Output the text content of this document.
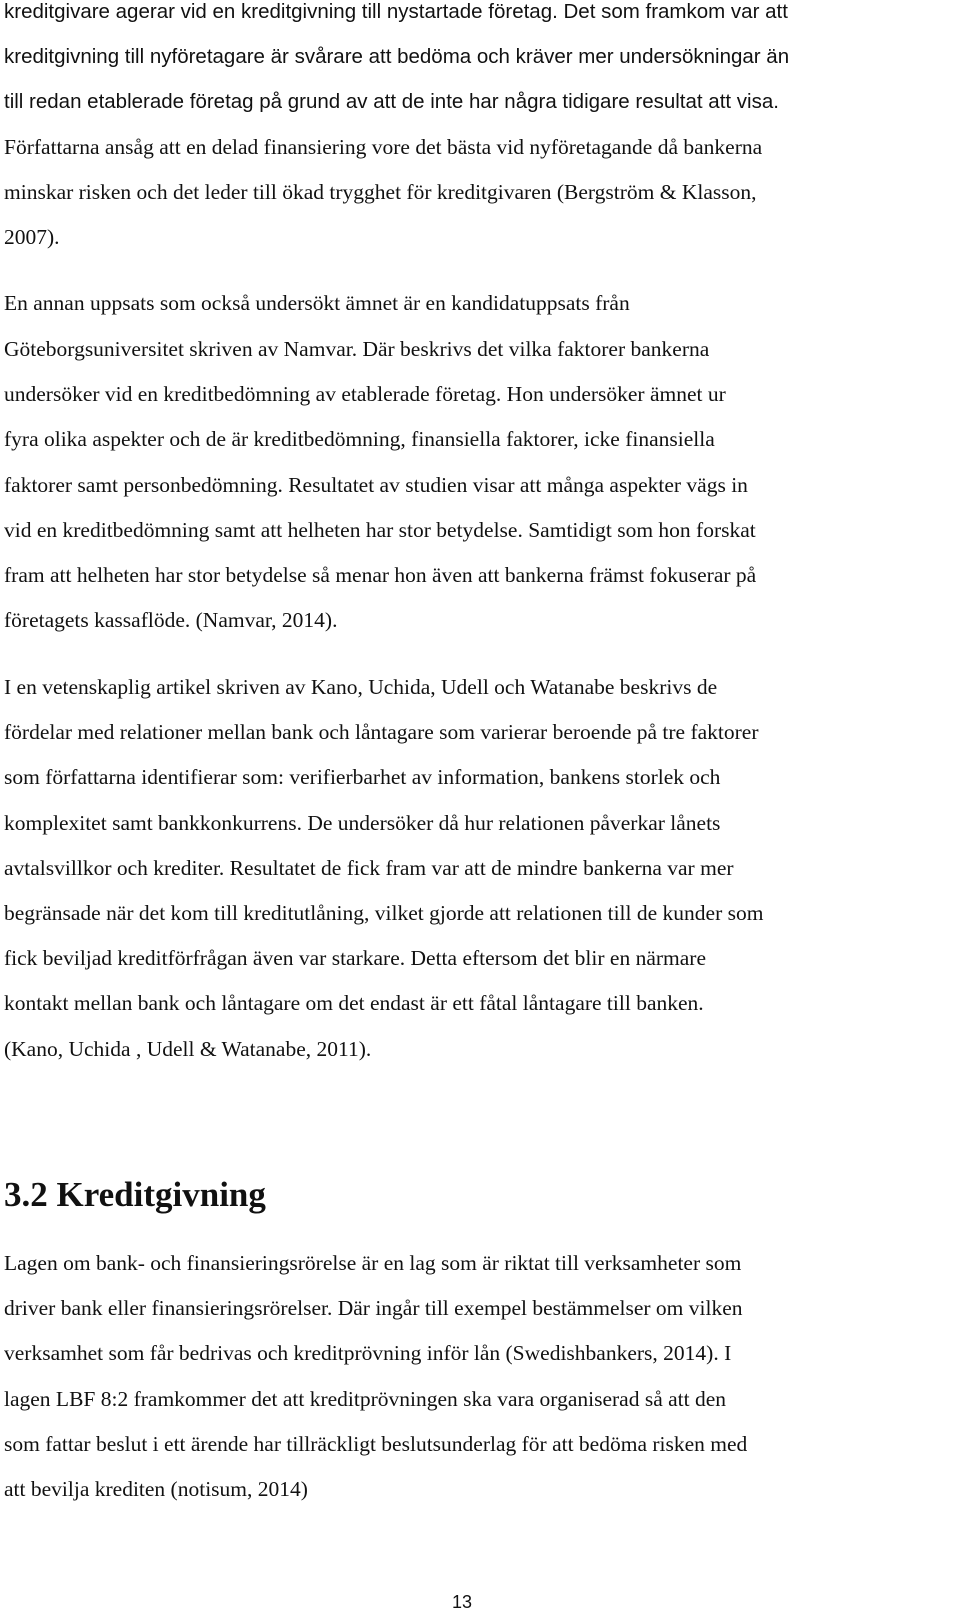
kreditgivare agerar vid en kreditgivning till nystartade företag. Det som framkom var att
kreditgivning till nyföretagare är svårare att bedöma och kräver mer undersökningar än
till redan etablerade företag på grund av att de inte har några tidigare resultat att visa.
Författarna ansåg att en delad finansiering vore det bästa vid nyföretagande då bankerna
minskar risken och det leder till ökad trygghet för kreditgivaren (Bergström & Klasson,
2007).
En annan uppsats som också undersökt ämnet är en kandidatuppsats från
Göteborgsuniversitet skriven av Namvar. Där beskrivs det vilka faktorer bankerna
undersöker vid en kreditbedömning av etablerade företag. Hon undersöker ämnet ur
fyra olika aspekter och de är kreditbedömning, finansiella faktorer, icke finansiella
faktorer samt personbedömning. Resultatet av studien visar att många aspekter vägs in
vid en kreditbedömning samt att helheten har stor betydelse. Samtidigt som hon forskat
fram att helheten har stor betydelse så menar hon även att bankerna främst fokuserar på
företagets kassaflöde. (Namvar, 2014).
I en vetenskaplig artikel skriven av Kano, Uchida, Udell och Watanabe beskrivs de
fördelar med relationer mellan bank och låntagare som varierar beroende på tre faktorer
som författarna identifierar som: verifierbarhet av information, bankens storlek och
komplexitet samt bankkonkurrens. De undersöker då hur relationen påverkar lånets
avtalsvillkor och krediter. Resultatet de fick fram var att de mindre bankerna var mer
begränsade när det kom till kreditutlåning, vilket gjorde att relationen till de kunder som
fick beviljad kreditförfrågan även var starkare. Detta eftersom det blir en närmare
kontakt mellan bank och låntagare om det endast är ett fåtal låntagare till banken.
(Kano, Uchida , Udell & Watanabe, 2011).
3.2 Kreditgivning
Lagen om bank- och finansieringsrörelse är en lag som är riktat till verksamheter som
driver bank eller finansieringsrörelser. Där ingår till exempel bestämmelser om vilken
verksamhet som får bedrivas och kreditprövning inför lån (Swedishbankers, 2014). I
lagen LBF 8:2 framkommer det att kreditprövningen ska vara organiserad så att den
som fattar beslut i ett ärende har tillräckligt beslutsunderlag för att bedöma risken med
att bevilja krediten (notisum, 2014)
13
